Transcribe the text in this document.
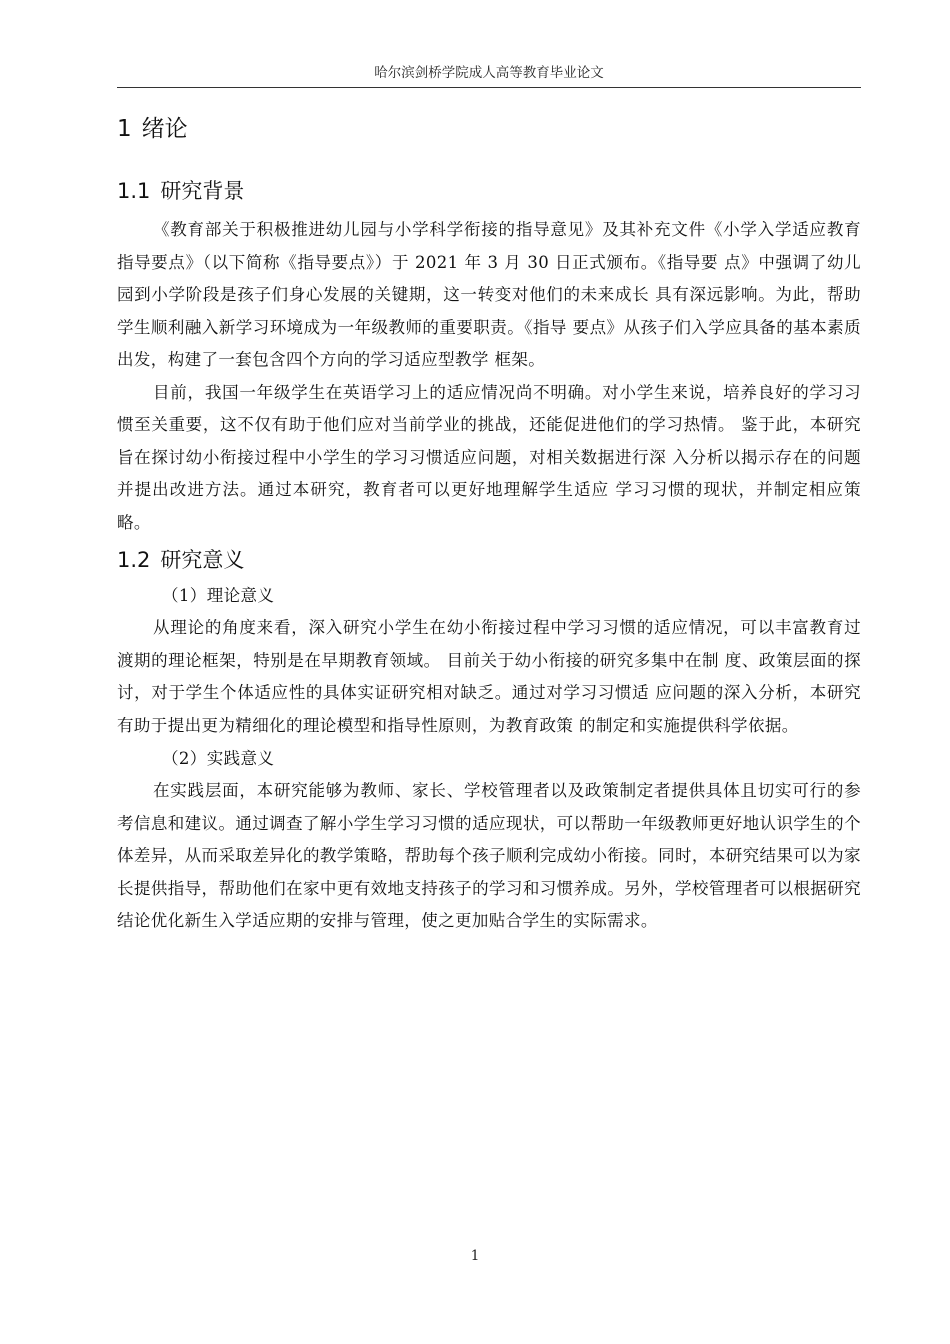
哈尔滨剑桥学院成人高等教育毕业论文
1 绪论
1.1 研究背景

《教育部关于积极推进幼儿园与小学科学衔接的指导意见》及其补充文件《小学入学适应教育指导要点》（以下简称《指导要点》）于 2021 年 3 月 30 日正式颁布。《指导要 点》中强调了幼儿园到小学阶段是孩子们身心发展的关键期，这一转变对他们的未来成长 具有深远影响。为此，帮助学生顺利融入新学习环境成为一年级教师的重要职责。《指导 要点》从孩子们入学应具备的基本素质出发，构建了一套包含四个方向的学习适应型教学 框架。

目前，我国一年级学生在英语学习上的适应情况尚不明确。对小学生来说，培养良好的学习习惯至关重要，这不仅有助于他们应对当前学业的挑战，还能促进他们的学习热情。 鉴于此，本研究旨在探讨幼小衔接过程中小学生的学习习惯适应问题，对相关数据进行深 入分析以揭示存在的问题并提出改进方法。通过本研究，教育者可以更好地理解学生适应 学习习惯的现状，并制定相应策略。

1.2 研究意义

（1）理论意义

从理论的角度来看，深入研究小学生在幼小衔接过程中学习习惯的适应情况，可以丰富教育过渡期的理论框架，特别是在早期教育领域。 目前关于幼小衔接的研究多集中在制 度、政策层面的探讨，对于学生个体适应性的具体实证研究相对缺乏。通过对学习习惯适 应问题的深入分析，本研究有助于提出更为精细化的理论模型和指导性原则，为教育政策 的制定和实施提供科学依据。

（2）实践意义

在实践层面，本研究能够为教师、家长、学校管理者以及政策制定者提供具体且切实可行的参考信息和建议。通过调查了解小学生学习习惯的适应现状，可以帮助一年级教师更好地认识学生的个体差异，从而采取差异化的教学策略，帮助每个孩子顺利完成幼小衔接。同时，本研究结果可以为家长提供指导，帮助他们在家中更有效地支持孩子的学习和习惯养成。另外，学校管理者可以根据研究结论优化新生入学适应期的安排与管理，使之更加贴合学生的实际需求。

1
